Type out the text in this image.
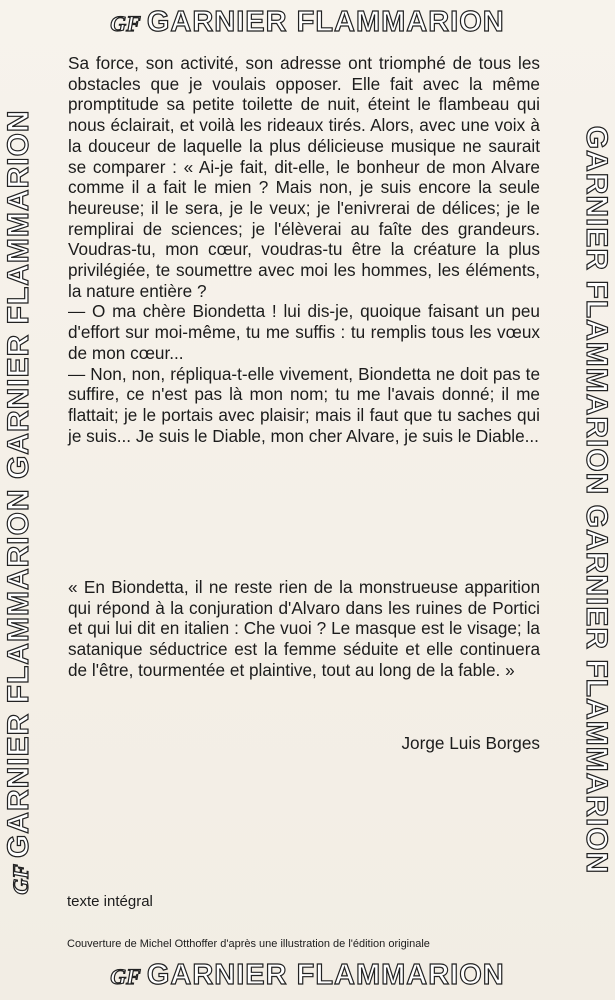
GF GARNIER FLAMMARION
GFGARNIER FLAMMARION GARNIER FLAMMARION	GARNIER FLAMMARION GARNIER FLAMMARION
GF GARNIER FLAMMARION

Sa force, son activité, son adresse ont triomphé de tous les obstacles que je voulais opposer. Elle fait avec la même promptitude sa petite toilette de nuit, éteint le flambeau qui nous éclairait, et voilà les rideaux tirés. Alors, avec une voix à la douceur de laquelle la plus délicieuse musique ne saurait se comparer : « Ai-je fait, dit-elle, le bonheur de mon Alvare comme il a fait le mien ? Mais non, je suis encore la seule heureuse; il le sera, je le veux; je l'enivrerai de délices; je le remplirai de sciences; je l'élèverai au faîte des grandeurs. Voudras-tu, mon cœur, voudras-tu être la créature la plus privilégiée, te soumettre avec moi les hommes, les éléments, la nature entière ?

— O ma chère Biondetta ! lui dis-je, quoique faisant un peu d'effort sur moi-même, tu me suffis : tu remplis tous les vœux de mon cœur...

— Non, non, répliqua-t-elle vivement, Biondetta ne doit pas te suffire, ce n'est pas là mon nom; tu me l'avais donné; il me flattait; je le portais avec plaisir; mais il faut que tu saches qui je suis... Je suis le Diable, mon cher Alvare, je suis le Diable...

« En Biondetta, il ne reste rien de la monstrueuse apparition qui répond à la conjuration d'Alvaro dans les ruines de Portici et qui lui dit en italien : Che vuoi ? Le masque est le visage; la satanique séductrice est la femme séduite et elle continuera de l'être, tourmentée et plaintive, tout au long de la fable. »
Jorge Luis Borges
texte intégral
Couverture de Michel Otthoffer d'après une illustration de l'édition originale
